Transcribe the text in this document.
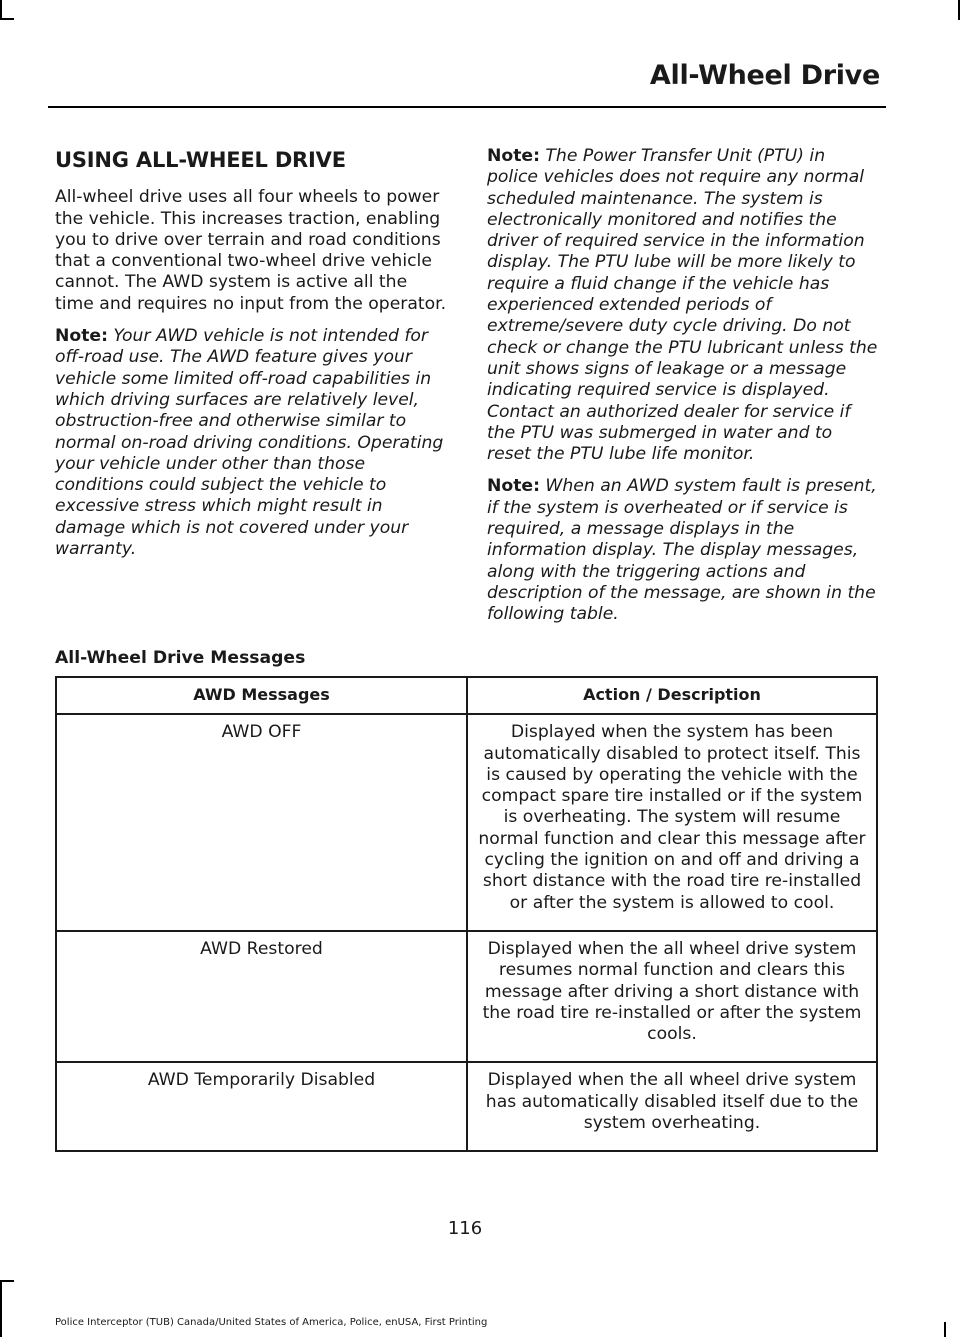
All-Wheel Drive
USING ALL-WHEEL DRIVE

All-wheel drive uses all four wheels to power the vehicle. This increases traction, enabling you to drive over terrain and road conditions that a conventional two-wheel drive vehicle cannot. The AWD system is active all the time and requires no input from the operator.

Note: Your AWD vehicle is not intended for off-road use. The AWD feature gives your vehicle some limited off-road capabilities in which driving surfaces are relatively level, obstruction-free and otherwise similar to normal on-road driving conditions. Operating your vehicle under other than those conditions could subject the vehicle to excessive stress which might result in damage which is not covered under your warranty.

Note: The Power Transfer Unit (PTU) in police vehicles does not require any normal scheduled maintenance. The system is electronically monitored and notifies the driver of required service in the information display. The PTU lube will be more likely to require a fluid change if the vehicle has experienced extended periods of extreme/severe duty cycle driving. Do not check or change the PTU lubricant unless the unit shows signs of leakage or a message indicating required service is displayed. Contact an authorized dealer for service if the PTU was submerged in water and to reset the PTU lube life monitor.

Note: When an AWD system fault is present, if the system is overheated or if service is required, a message displays in the information display. The display messages, along with the triggering actions and description of the message, are shown in the following table.

All-Wheel Drive Messages
AWD Messages	Action / Description
AWD OFF	Displayed when the system has been automatically disabled to protect itself. This is caused by operating the vehicle with the compact spare tire installed or if the system is overheating. The system will resume normal function and clear this message after cycling the ignition on and off and driving a short distance with the road tire re-installed or after the system is allowed to cool.
AWD Restored	Displayed when the all wheel drive system resumes normal function and clears this message after driving a short distance with the road tire re-installed or after the system cools.
AWD Temporarily Disabled	Displayed when the all wheel drive system has automatically disabled itself due to the system overheating.
116
Police Interceptor (TUB) Canada/United States of America, Police, enUSA, First Printing
